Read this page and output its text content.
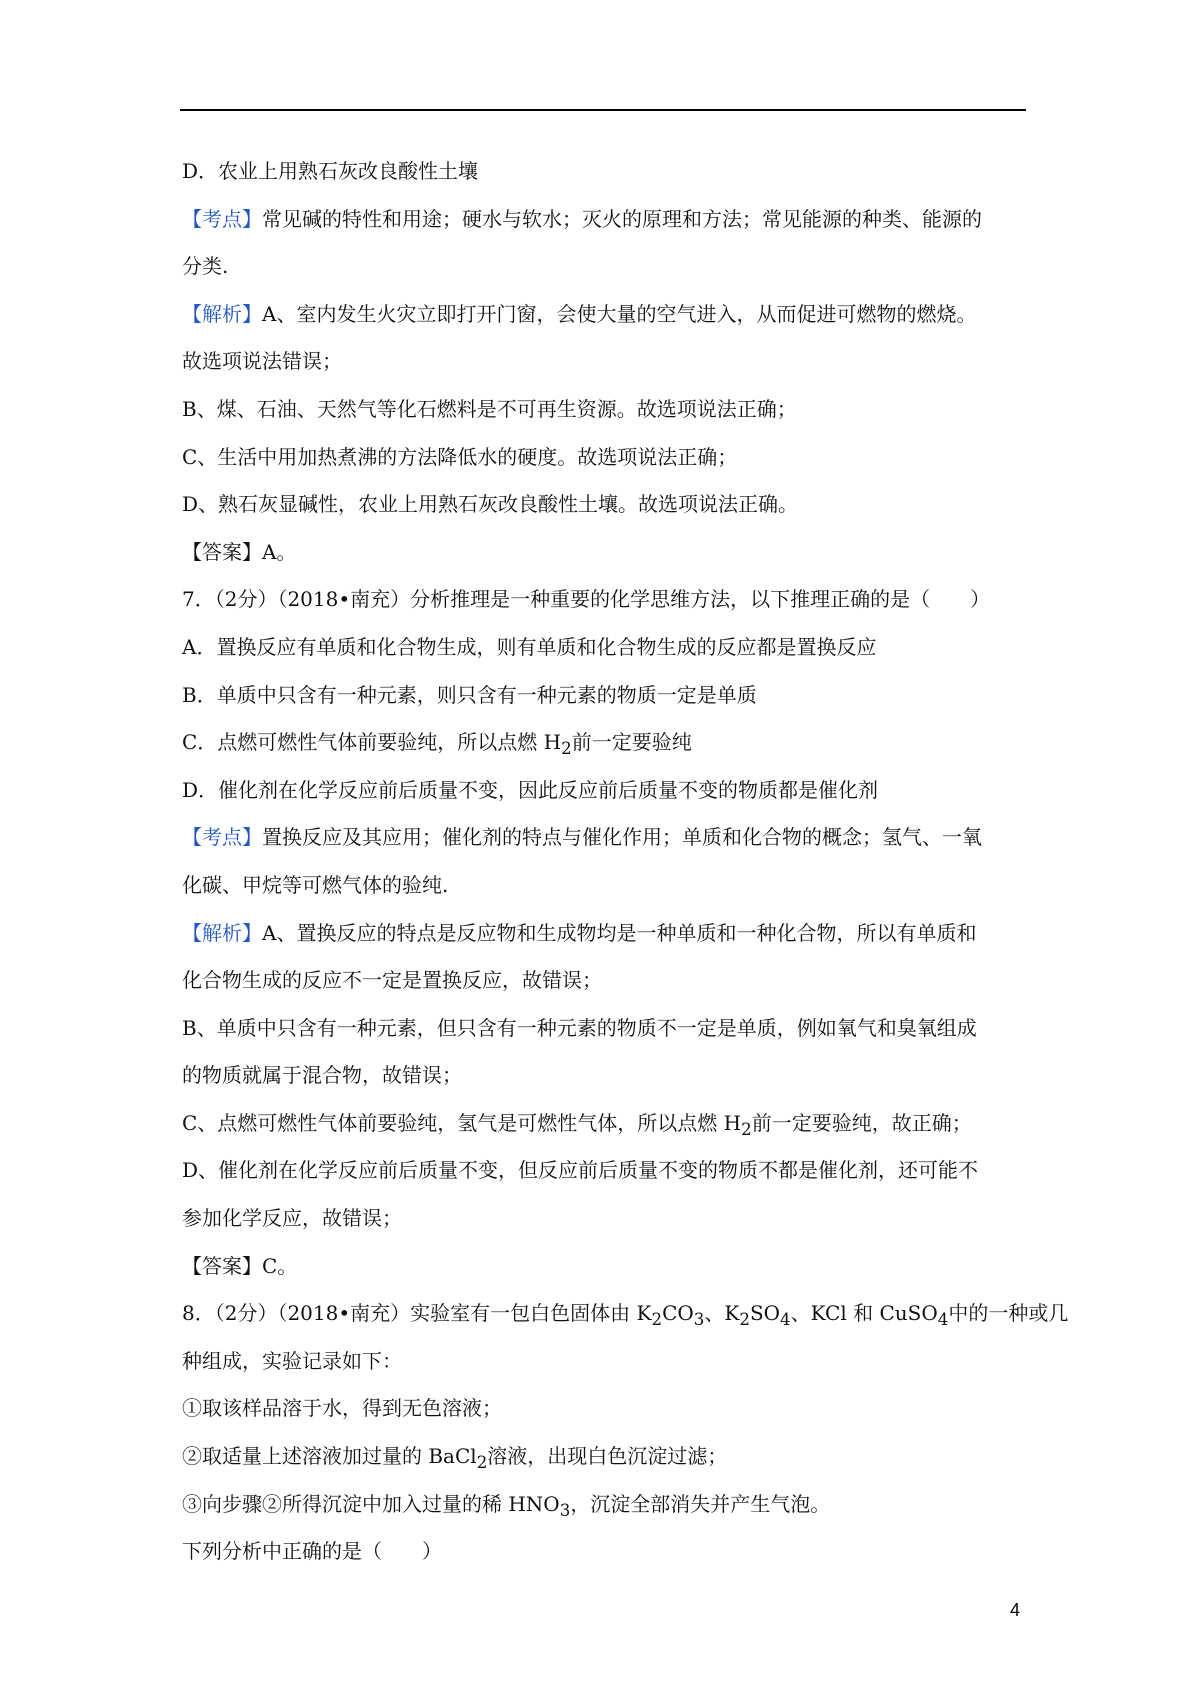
D．农业上用熟石灰改良酸性土壤
【考点】常见碱的特性和用途；硬水与软水；灭火的原理和方法；常见能源的种类、能源的
分类.
【解析】A、室内发生火灾立即打开门窗，会使大量的空气进入，从而促进可燃物的燃烧。
故选项说法错误；
B、煤、石油、天然气等化石燃料是不可再生资源。故选项说法正确；
C、生活中用加热煮沸的方法降低水的硬度。故选项说法正确；
D、熟石灰显碱性，农业上用熟石灰改良酸性土壤。故选项说法正确。
【答案】A。
7．（2分）（2018•南充）分析推理是一种重要的化学思维方法，以下推理正确的是（　　）
A．置换反应有单质和化合物生成，则有单质和化合物生成的反应都是置换反应
B．单质中只含有一种元素，则只含有一种元素的物质一定是单质
C．点燃可燃性气体前要验纯，所以点燃 $H_2$前一定要验纯
D．催化剂在化学反应前后质量不变，因此反应前后质量不变的物质都是催化剂
【考点】置换反应及其应用；催化剂的特点与催化作用；单质和化合物的概念；氢气、一氧
化碳、甲烷等可燃气体的验纯.
【解析】A、置换反应的特点是反应物和生成物均是一种单质和一种化合物，所以有单质和
化合物生成的反应不一定是置换反应，故错误；
B、单质中只含有一种元素，但只含有一种元素的物质不一定是单质，例如氧气和臭氧组成
的物质就属于混合物，故错误；
C、点燃可燃性气体前要验纯，氢气是可燃性气体，所以点燃 $H_2$前一定要验纯，故正确；
D、催化剂在化学反应前后质量不变，但反应前后质量不变的物质不都是催化剂，还可能不
参加化学反应，故错误；
【答案】C。
8．（2分）（2018•南充）实验室有一包白色固体由 $K_2CO_3$、$K_2SO_4$、KCl 和 CuSO$_4$中的一种或几
种组成，实验记录如下：
①取该样品溶于水，得到无色溶液；
②取适量上述溶液加过量的 BaCl$_2$溶液，出现白色沉淀过滤；
③向步骤②所得沉淀中加入过量的稀 $HNO_3$，沉淀全部消失并产生气泡。
下列分析中正确的是（　　）
4
